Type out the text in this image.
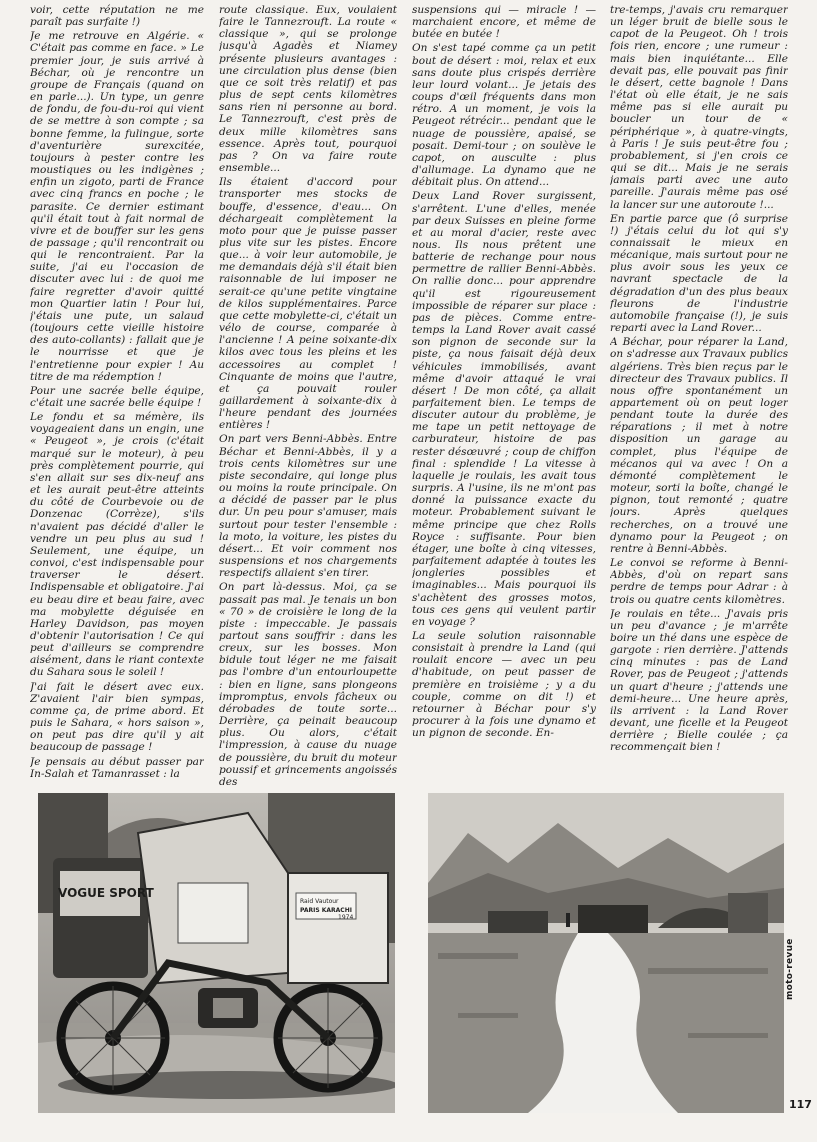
voir, cette réputation ne me paraît pas surfaite !)

Je me retrouve en Algérie. « C'était pas comme en face. » Le premier jour, je suis arrivé à Béchar, où je rencontre un groupe de Français (quand on en parle...). Un type, un genre de fondu, de fou-du-roi qui vient de se mettre à son compte ; sa bonne femme, la fulingue, sorte d'aventurière surexcitée, toujours à pester contre les moustiques ou les indigènes ; enfin un zigoto, parti de France avec cinq francs en poche ; le parasite. Ce dernier estimant qu'il était tout à fait normal de vivre et de bouffer sur les gens de passage ; qu'il rencontrait ou qui le rencontraient. Par la suite, j'ai eu l'occasion de discuter avec lui : de quoi me faire regretter d'avoir quitté mon Quartier latin ! Pour lui, j'étais une pute, un salaud (toujours cette vieille histoire des auto-collants) : fallait que je le nourrisse et que je l'entretienne pour expier ! Au titre de ma rédemption !

Pour une sacrée belle équipe, c'était une sacrée belle équipe !

Le fondu et sa mémère, ils voyageaient dans un engin, une « Peugeot », je crois (c'était marqué sur le moteur), à peu près complètement pourrie, qui s'en allait sur ses dix-neuf ans et les aurait peut-être atteints du côté de Courbevoie ou de Donzenac (Corrèze), s'ils n'avaient pas décidé d'aller le vendre un peu plus au sud ! Seulement, une équipe, un convoi, c'est indispensable pour traverser le désert. Indispensable et obligatoire. J'ai eu beau dire et beau faire, avec ma mobylette déguisée en Harley Davidson, pas moyen d'obtenir l'autorisation ! Ce qui peut d'ailleurs se comprendre aisément, dans le riant contexte du Sahara sous le soleil !

J'ai fait le désert avec eux. Z'avaient l'air bien sympas, comme ça, de prime abord. Et puis le Sahara, « hors saison », on peut pas dire qu'il y ait beaucoup de passage !

Je pensais au début passer par In-Salah et Tamanrasset : la

route classique. Eux, voulaient faire le Tannezrouft. La route « classique », qui se prolonge jusqu'à Agadès et Niamey présente plusieurs avantages : une circulation plus dense (bien que ce soit très relatif) et pas plus de sept cents kilomètres sans rien ni personne au bord. Le Tannezrouft, c'est près de deux mille kilomètres sans essence. Après tout, pourquoi pas ? On va faire route ensemble...

Ils étaient d'accord pour transporter mes stocks de bouffe, d'essence, d'eau... On déchargeait complètement la moto pour que je puisse passer plus vite sur les pistes. Encore que... à voir leur automobile, je me demandais déjà s'il était bien raisonnable de lui imposer ne serait-ce qu'une petite vingtaine de kilos supplémentaires. Parce que cette mobylette-ci, c'était un vélo de course, comparée à l'ancienne ! A peine soixante-dix kilos avec tous les pleins et les accessoires au complet ! Cinquante de moins que l'autre, et ça pouvait rouler gaillardement à soixante-dix à l'heure pendant des journées entières !

On part vers Benni-Abbès. Entre Béchar et Benni-Abbès, il y a trois cents kilomètres sur une piste secondaire, qui longe plus ou moins la route principale. On a décidé de passer par le plus dur. Un peu pour s'amuser, mais surtout pour tester l'ensemble : la moto, la voiture, les pistes du désert... Et voir comment nos suspensions et nos chargements respectifs allaient s'en tirer.

On part là-dessus. Moi, ça se passait pas mal. Je tenais un bon « 70 » de croisière le long de la piste : impeccable. Je passais partout sans souffrir : dans les creux, sur les bosses. Mon bidule tout léger ne me faisait pas l'ombre d'un entourloupette : bien en ligne, sans plongeons impromptus, envols fâcheux ou dérobades de toute sorte... Derrière, ça peinait beaucoup plus. Ou alors, c'était l'impression, à cause du nuage de poussière, du bruit du moteur poussif et grincements angoissés des

suspensions qui — miracle ! — marchaient encore, et même de butée en butée !

On s'est tapé comme ça un petit bout de désert : moi, relax et eux sans doute plus crispés derrière leur lourd volant... Je jetais des coups d'œil fréquents dans mon rétro. A un moment, je vois la Peugeot rétrécir... pendant que le nuage de poussière, apaisé, se posait. Demi-tour ; on soulève le capot, on ausculte : plus d'allumage. La dynamo que ne débitait plus. On attend...

Deux Land Rover surgissent, s'arrêtent. L'une d'elles, menée par deux Suisses en pleine forme et au moral d'acier, reste avec nous. Ils nous prêtent une batterie de rechange pour nous permettre de rallier Benni-Abbès. On rallie donc... pour apprendre qu'il est rigoureusement impossible de réparer sur place : pas de pièces. Comme entre-temps la Land Rover avait cassé son pignon de seconde sur la piste, ça nous faisait déjà deux véhicules immobilisés, avant même d'avoir attaqué le vrai désert ! De mon côté, ça allait parfaitement bien. Le temps de discuter autour du problème, je me tape un petit nettoyage de carburateur, histoire de pas rester désœuvré ; coup de chiffon final : splendide ! La vitesse à laquelle je roulais, les avait tous surpris. A l'usine, ils ne m'ont pas donné la puissance exacte du moteur. Probablement suivant le même principe que chez Rolls Royce : suffisante. Pour bien étager, une boîte à cinq vitesses, parfaitement adaptée à toutes les jongleries possibles et imaginables... Mais pourquoi ils s'achètent des grosses motos, tous ces gens qui veulent partir en voyage ?

La seule solution raisonnable consistait à prendre la Land (qui roulait encore — avec un peu d'habitude, on peut passer de première en troisième ; y a du couple, comme on dit !) et retourner à Béchar pour s'y procurer à la fois une dynamo et un pignon de seconde. En-

tre-temps, j'avais cru remarquer un léger bruit de bielle sous le capot de la Peugeot. Oh ! trois fois rien, encore ; une rumeur : mais bien inquiétante... Elle devait pas, elle pouvait pas finir le désert, cette bagnole ! Dans l'état où elle était, je ne sais même pas si elle aurait pu boucler un tour de « périphérique », à quatre-vingts, à Paris ! Je suis peut-être fou ; probablement, si j'en crois ce qui se dit... Mais je ne serais jamais parti avec une auto pareille. J'aurais même pas osé la lancer sur une autoroute !...

En partie parce que (ô surprise !) j'étais celui du lot qui s'y connaissait le mieux en mécanique, mais surtout pour ne plus avoir sous les yeux ce navrant spectacle de la dégradation d'un des plus beaux fleurons de l'industrie automobile française (!), je suis reparti avec la Land Rover...

A Béchar, pour réparer la Land, on s'adresse aux Travaux publics algériens. Très bien reçus par le directeur des Travaux publics. Il nous offre spontanément un appartement où on peut loger pendant toute la durée des réparations ; il met à notre disposition un garage au complet, plus l'équipe de mécanos qui va avec ! On a démonté complètement le moteur, sorti la boîte, changé le pignon, tout remonté ; quatre jours. Après quelques recherches, on a trouvé une dynamo pour la Peugeot ; on rentre à Benni-Abbès.

Le convoi se reforme à Benni-Abbès, d'où on repart sans perdre de temps pour Adrar : à trois ou quatre cents kilomètres.

Je roulais en tête... J'avais pris un peu d'avance ; je m'arrête boire un thé dans une espèce de gargote : rien derrière. J'attends cinq minutes : pas de Land Rover, pas de Peugeot ; j'attends un quart d'heure ; j'attends une demi-heure... Une heure après, ils arrivent : la Land Rover devant, une ficelle et la Peugeot derrière ; Bielle coulée ; ça recommençait bien !

VOGUE SPORT
Raid Vautour
PARIS KARACHI
1974
moto-revue
117
